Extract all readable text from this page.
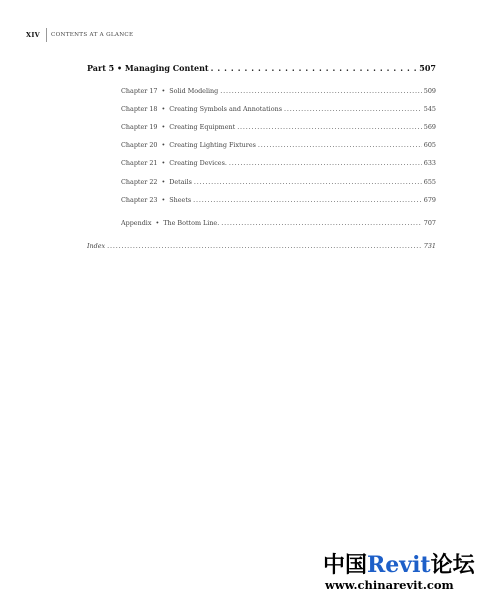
XIV	CONTENTS AT A GLANCE
Part 5 • Managing Content . . .	507
Chapter 17 • Solid Modeling . . .	509
Chapter 18 • Creating Symbols and Annotations . . .	545
Chapter 19 • Creating Equipment . . .	569
Chapter 20 • Creating Lighting Fixtures . . .	605
Chapter 21 • Creating Devices. . . .	633
Chapter 22 • Details . . .	655
Chapter 23 • Sheets . . .	679
Appendix • The Bottom Line. . . .	707
Index . . .	731
中国Revit论坛
www.chinarevit.com
